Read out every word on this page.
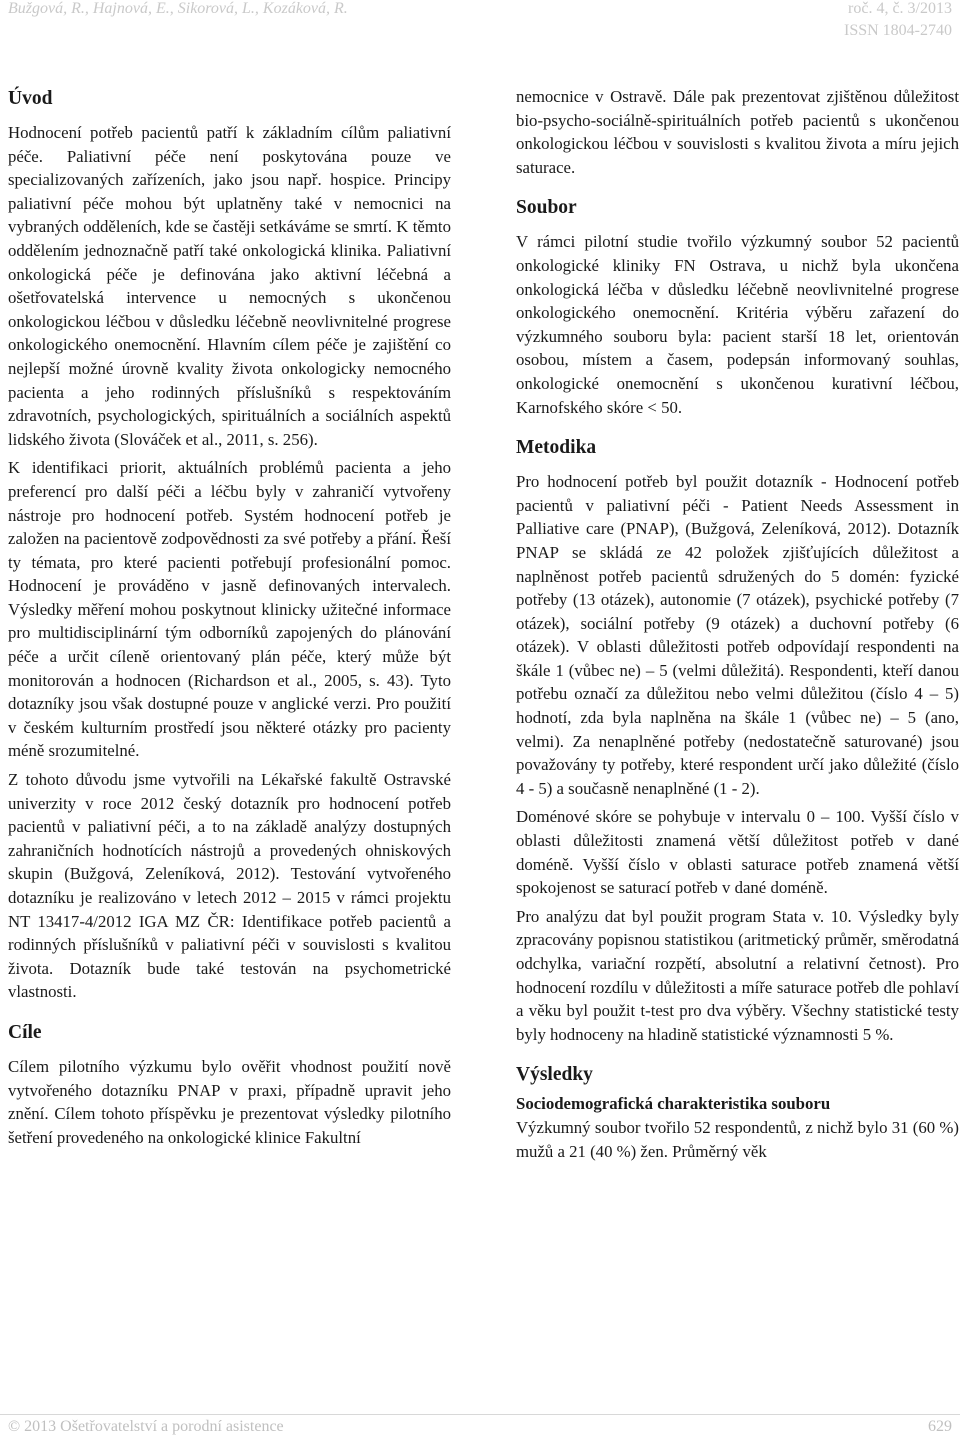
Bužgová, R., Hajnová, E., Sikorová, L., Kozáková, R.	roč. 4, č. 3/2013
ISSN 1804-2740
Úvod

Hodnocení potřeb pacientů patří k základním cílům paliativní péče. Paliativní péče není poskytována pouze ve specializovaných zařízeních, jako jsou např. hospice. Principy paliativní péče mohou být uplatněny také v nemocnici na vybraných odděleních, kde se častěji setkáváme se smrtí. K těmto oddělením jednoznačně patří také onkologická klinika. Paliativní onkologická péče je definována jako aktivní léčebná a ošetřovatelská intervence u nemocných s ukončenou onkologickou léčbou v důsledku léčebně neovlivnitelné progrese onkologického onemocnění. Hlavním cílem péče je zajištění co nejlepší možné úrovně kvality života onkologicky nemocného pacienta a jeho rodinných příslušníků s respektováním zdravotních, psychologických, spirituálních a sociálních aspektů lidského života (Slováček et al., 2011, s. 256).

K identifikaci priorit, aktuálních problémů pacienta a jeho preferencí pro další péči a léčbu byly v zahraničí vytvořeny nástroje pro hodnocení potřeb. Systém hodnocení potřeb je založen na pacientově zodpovědnosti za své potřeby a přání. Řeší ty témata, pro které pacienti potřebují profesionální pomoc. Hodnocení je prováděno v jasně definovaných intervalech. Výsledky měření mohou poskytnout klinicky užitečné informace pro multidisciplinární tým odborníků zapojených do plánování péče a určit cíleně orientovaný plán péče, který může být monitorován a hodnocen (Richardson et al., 2005, s. 43). Tyto dotazníky jsou však dostupné pouze v anglické verzi. Pro použití v českém kulturním prostředí jsou některé otázky pro pacienty méně srozumitelné.

Z tohoto důvodu jsme vytvořili na Lékařské fakultě Ostravské univerzity v roce 2012 český dotazník pro hodnocení potřeb pacientů v paliativní péči, a to na základě analýzy dostupných zahraničních hodnotících nástrojů a provedených ohniskových skupin (Bužgová, Zeleníková, 2012). Testování vytvořeného dotazníku je realizováno v letech 2012 – 2015 v rámci projektu NT 13417-4/2012 IGA MZ ČR: Identifikace potřeb pacientů a rodinných příslušníků v paliativní péči v souvislosti s kvalitou života. Dotazník bude také testován na psychometrické vlastnosti.

Cíle

Cílem pilotního výzkumu bylo ověřit vhodnost použití nově vytvořeného dotazníku PNAP v praxi, případně upravit jeho znění. Cílem tohoto příspěvku je prezentovat výsledky pilotního šetření provedeného na onkologické klinice Fakultní

nemocnice v Ostravě. Dále pak prezentovat zjištěnou důležitost bio-psycho-sociálně-spirituálních potřeb pacientů s ukončenou onkologickou léčbou v souvislosti s kvalitou života a míru jejich saturace.

Soubor

V rámci pilotní studie tvořilo výzkumný soubor 52 pacientů onkologické kliniky FN Ostrava, u nichž byla ukončena onkologická léčba v důsledku léčebně neovlivnitelné progrese onkologického onemocnění. Kritéria výběru zařazení do výzkumného souboru byla: pacient starší 18 let, orientován osobou, místem a časem, podepsán informovaný souhlas, onkologické onemocnění s ukončenou kurativní léčbou, Karnofského skóre < 50.

Metodika

Pro hodnocení potřeb byl použit dotazník - Hodnocení potřeb pacientů v paliativní péči - Patient Needs Assessment in Palliative care (PNAP), (Bužgová, Zeleníková, 2012). Dotazník PNAP se skládá ze 42 položek zjišťujících důležitost a naplněnost potřeb pacientů sdružených do 5 domén: fyzické potřeby (13 otázek), autonomie (7 otázek), psychické potřeby (7 otázek), sociální potřeby (9 otázek) a duchovní potřeby (6 otázek). V oblasti důležitosti potřeb odpovídají respondenti na škále 1 (vůbec ne) – 5 (velmi důležitá). Respondenti, kteří danou potřebu označí za důležitou nebo velmi důležitou (číslo 4 – 5) hodnotí, zda byla naplněna na škále 1 (vůbec ne) – 5 (ano, velmi). Za nenaplněné potřeby (nedostatečně saturované) jsou považovány ty potřeby, které respondent určí jako důležité (číslo 4 - 5) a současně nenaplněné (1 - 2).

Doménové skóre se pohybuje v intervalu 0 – 100. Vyšší číslo v oblasti důležitosti znamená větší důležitost potřeb v dané doméně. Vyšší číslo v oblasti saturace potřeb znamená větší spokojenost se saturací potřeb v dané doméně.

Pro analýzu dat byl použit program Stata v. 10. Výsledky byly zpracovány popisnou statistikou (aritmetický průměr, směrodatná odchylka, variační rozpětí, absolutní a relativní četnost). Pro hodnocení rozdílu v důležitosti a míře saturace potřeb dle pohlaví a věku byl použit t-test pro dva výběry. Všechny statistické testy byly hodnoceny na hladině statistické významnosti 5 %.

Výsledky
Sociodemografická charakteristika souboru

Výzkumný soubor tvořilo 52 respondentů, z nichž bylo 31 (60 %) mužů a 21 (40 %) žen. Průměrný věk

© 2013 Ošetřovatelství a porodní asistence	629
